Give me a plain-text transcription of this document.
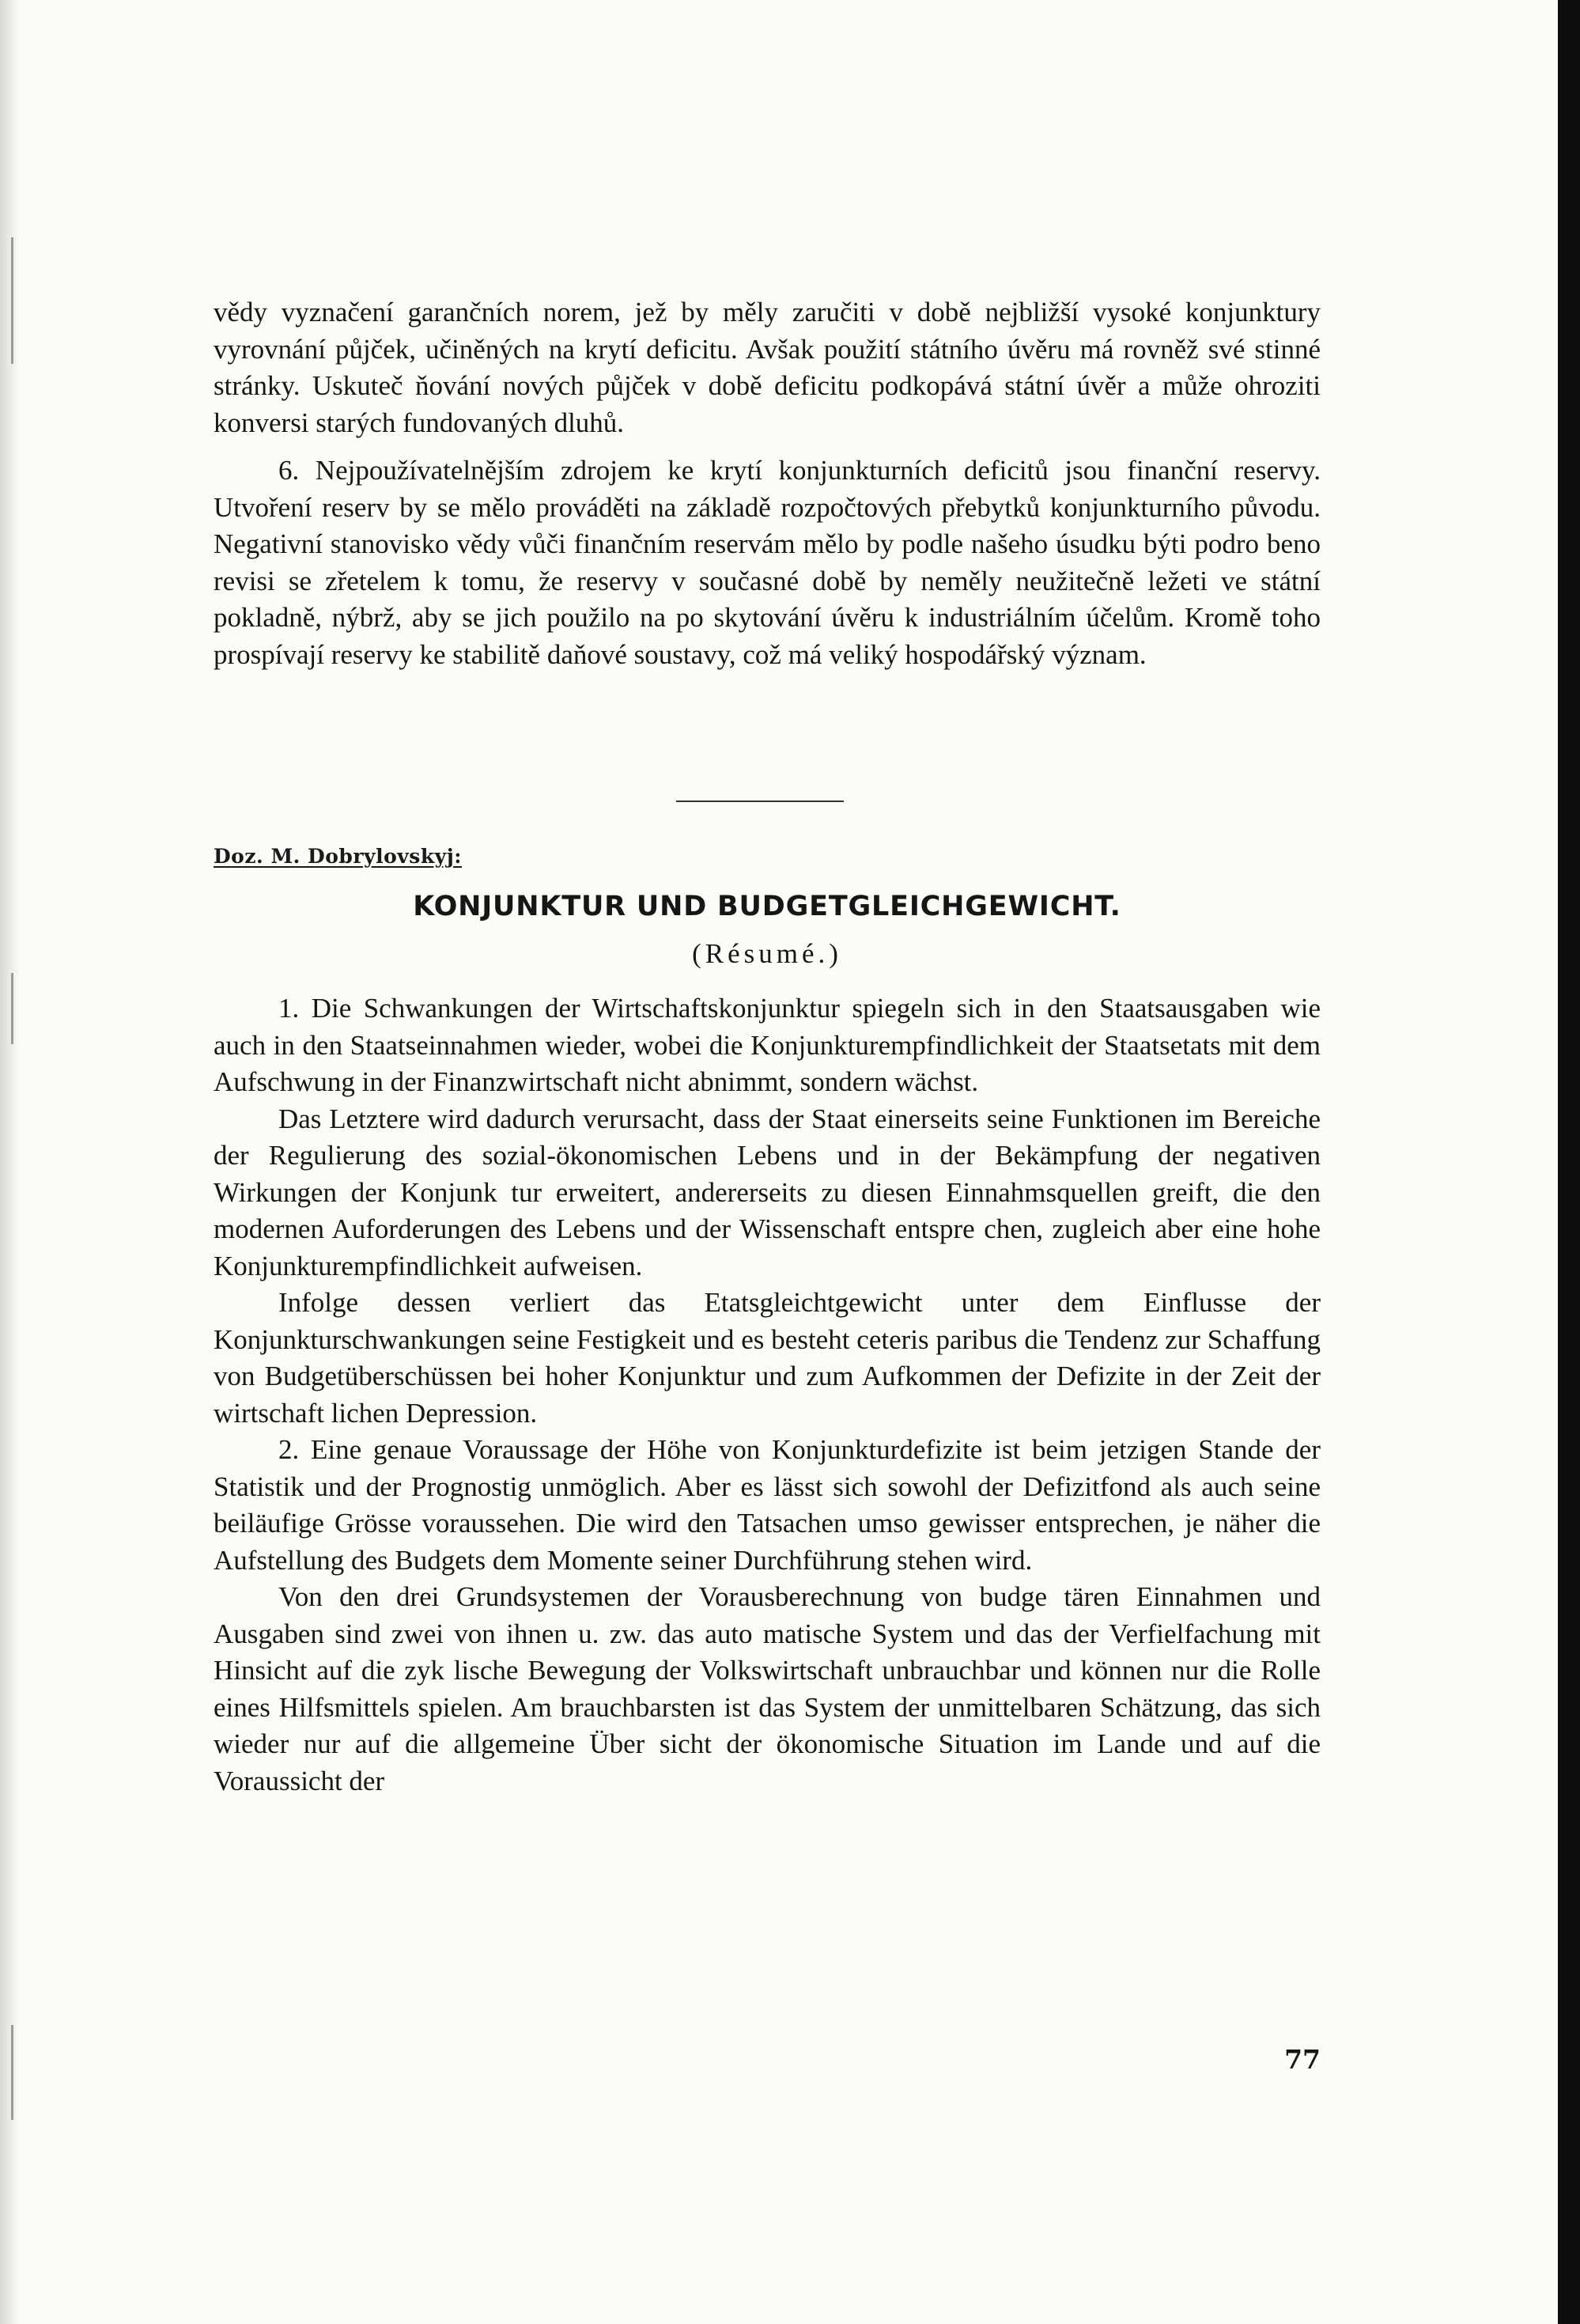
vědy vyznačení garančních norem, jež by měly zaručiti v době nejbližší vysoké konjunktury vyrovnání půjček, učiněných na krytí deficitu. Avšak použití státního úvěru má rovněž své stinné stránky. Uskuteč ňování nových půjček v době deficitu podkopává státní úvěr a může ohroziti konversi starých fundovaných dluhů.

6. Nejpoužívatelnějším zdrojem ke krytí konjunkturních deficitů jsou finanční reservy. Utvoření reserv by se mělo prováděti na základě rozpočtových přebytků konjunkturního původu. Negativní stanovisko vědy vůči finančním reservám mělo by podle našeho úsudku býti podro beno revisi se zřetelem k tomu, že reservy v současné době by neměly neužitečně ležeti ve státní pokladně, nýbrž, aby se jich použilo na po skytování úvěru k industriálním účelům. Kromě toho prospívají reservy ke stabilitě daňové soustavy, což má veliký hospodářský význam.

Doz. M. Dobrylovskyj:
KONJUNKTUR UND BUDGETGLEICHGEWICHT.
(Résumé.)

1. Die Schwankungen der Wirtschaftskonjunktur spiegeln sich in den Staatsausgaben wie auch in den Staatseinnahmen wieder, wobei die Konjunkturempfindlichkeit der Staatsetats mit dem Aufschwung in der Finanzwirtschaft nicht abnimmt, sondern wächst.

Das Letztere wird dadurch verursacht, dass der Staat einerseits seine Funktionen im Bereiche der Regulierung des sozial-ökonomischen Lebens und in der Bekämpfung der negativen Wirkungen der Konjunk tur erweitert, andererseits zu diesen Einnahmsquellen greift, die den modernen Auforderungen des Lebens und der Wissenschaft entspre chen, zugleich aber eine hohe Konjunkturempfindlichkeit aufweisen.

Infolge dessen verliert das Etatsgleichtgewicht unter dem Einflusse der Konjunkturschwankungen seine Festigkeit und es besteht ceteris paribus die Tendenz zur Schaffung von Budgetüberschüssen bei hoher Konjunktur und zum Aufkommen der Defizite in der Zeit der wirtschaft lichen Depression.

2. Eine genaue Voraussage der Höhe von Konjunkturdefizite ist beim jetzigen Stande der Statistik und der Prognostig unmöglich. Aber es lässt sich sowohl der Defizitfond als auch seine beiläufige Grösse voraussehen. Die wird den Tatsachen umso gewisser entsprechen, je näher die Aufstellung des Budgets dem Momente seiner Durchführung stehen wird.

Von den drei Grundsystemen der Vorausberechnung von budge tären Einnahmen und Ausgaben sind zwei von ihnen u. zw. das auto matische System und das der Verfielfachung mit Hinsicht auf die zyk lische Bewegung der Volkswirtschaft unbrauchbar und können nur die Rolle eines Hilfsmittels spielen. Am brauchbarsten ist das System der unmittelbaren Schätzung, das sich wieder nur auf die allgemeine Über sicht der ökonomische Situation im Lande und auf die Voraussicht der

77
